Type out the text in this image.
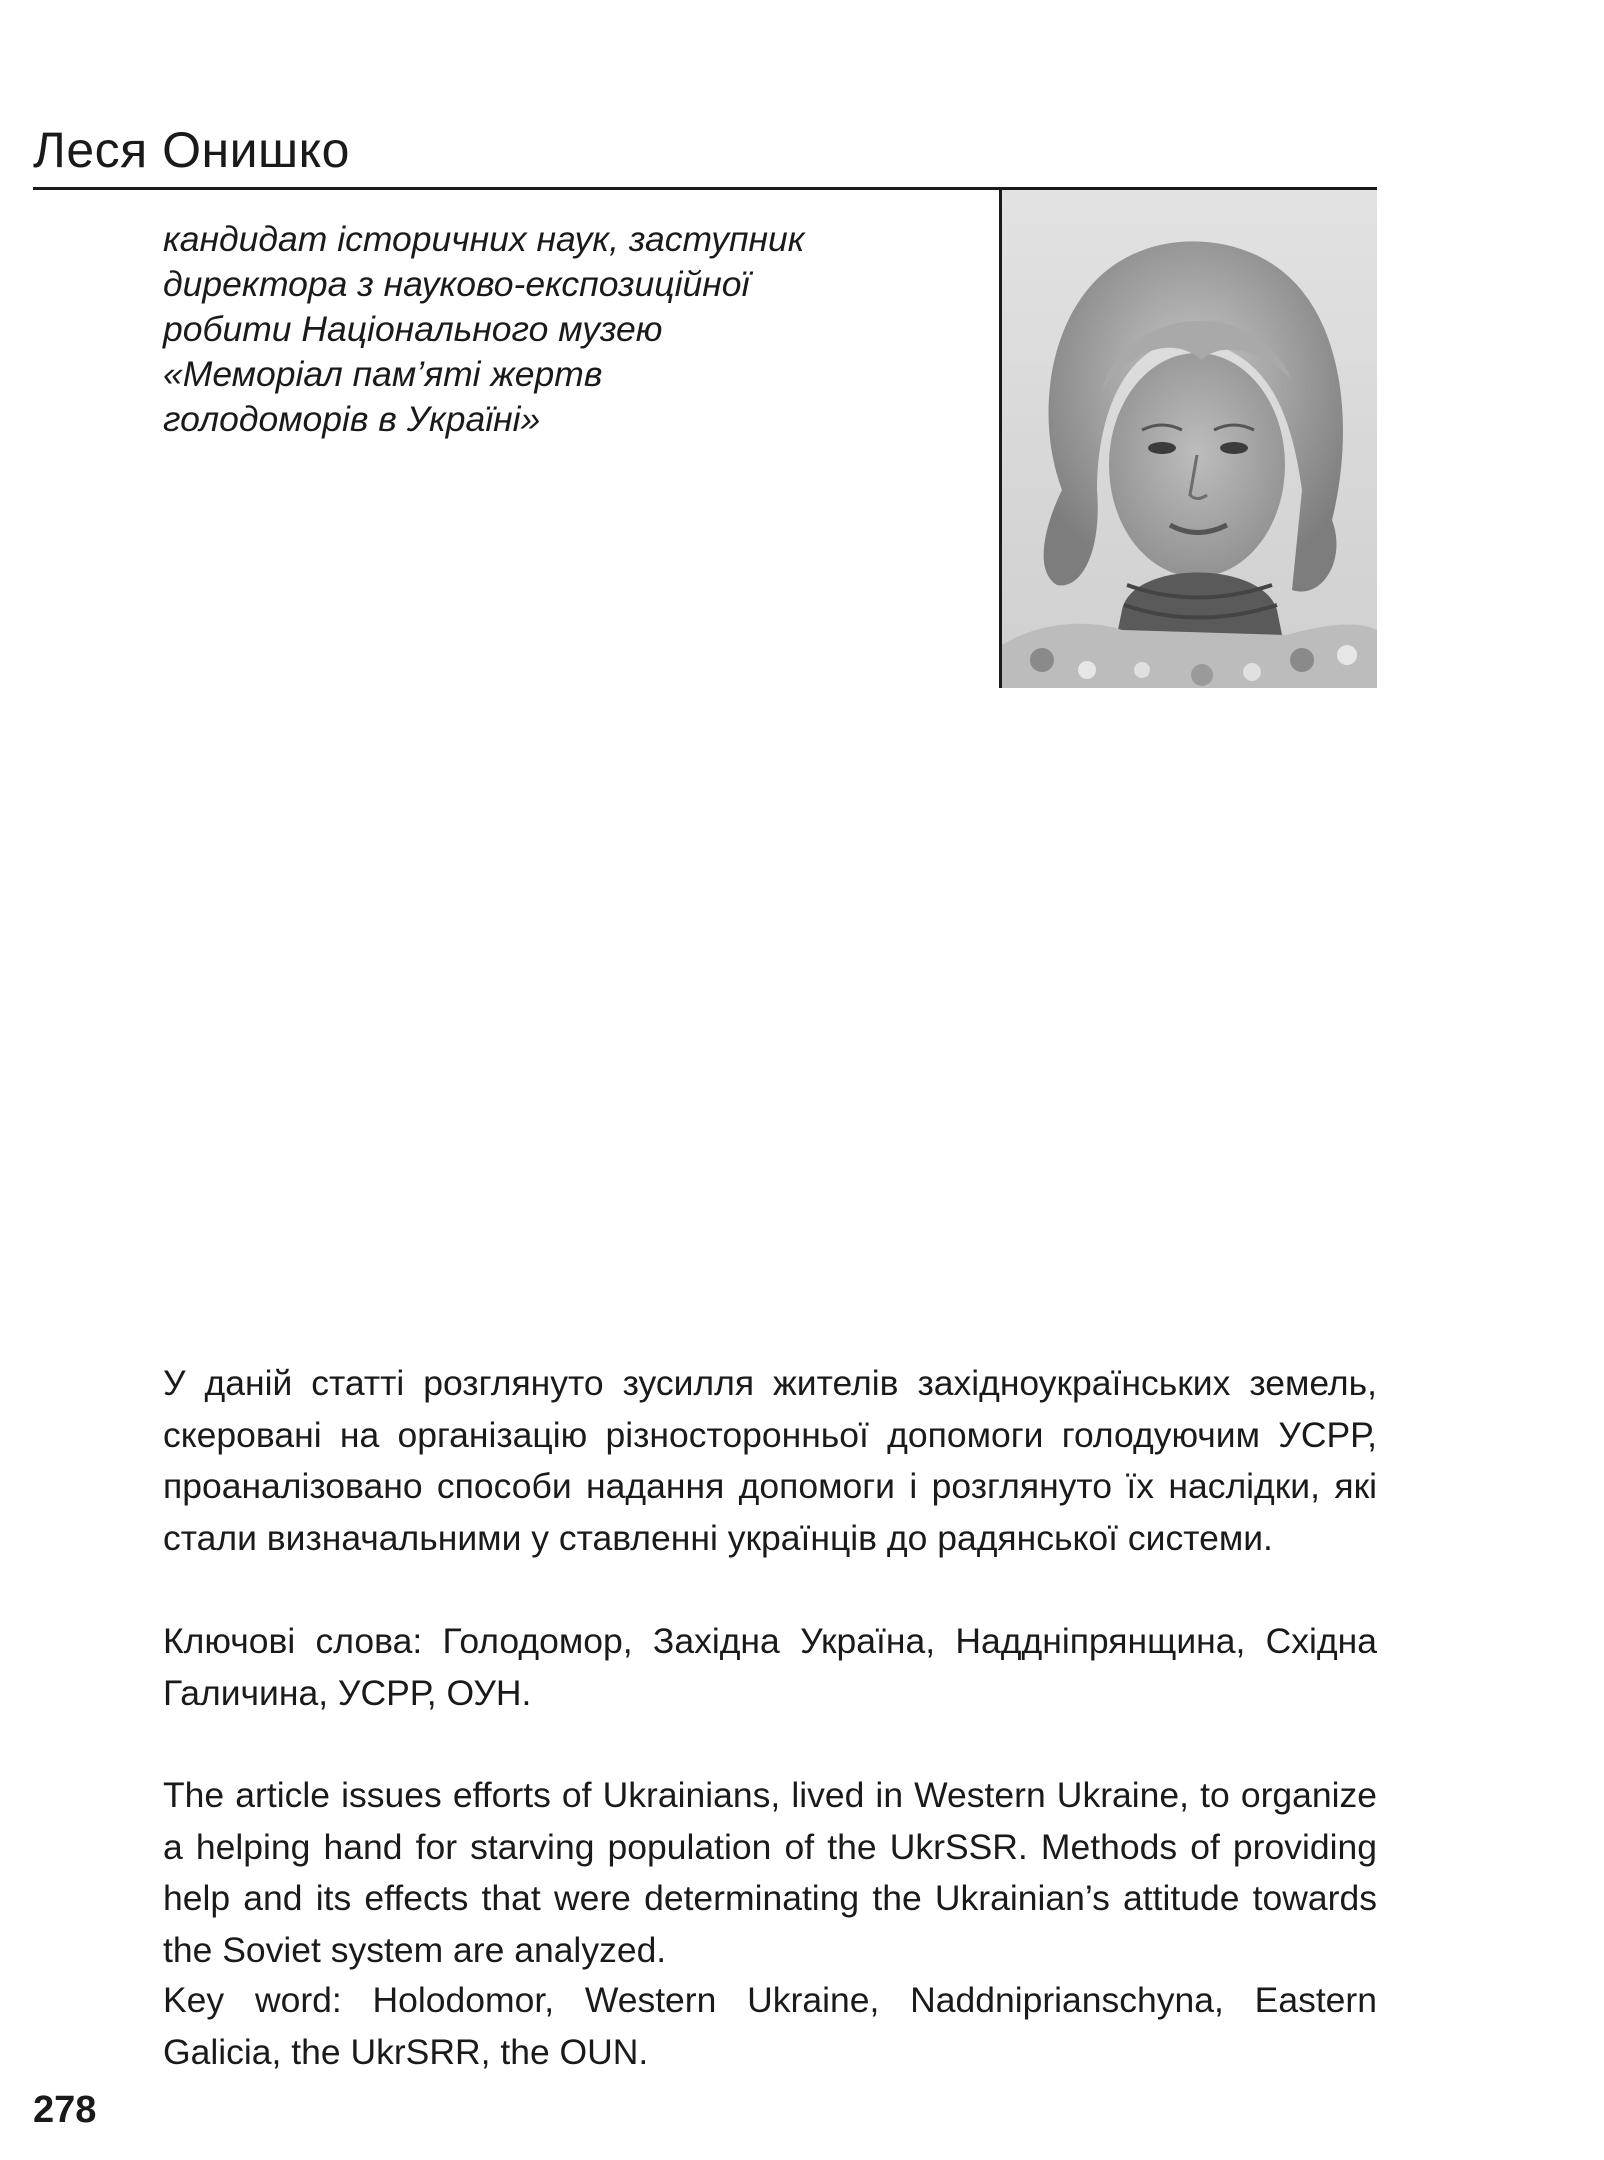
Леся Онишко

кандидат історичних наук, заступник
директора з науково-експозиційної
робити Національного музею
«Меморіал пам’яті жертв
голодоморів в Україні»

У даній статті розглянуто зусилля жителів західноукраїнських земель, скеровані на організацію різносторонньої допомоги голодуючим УСРР, проаналізовано способи надання допомоги і розглянуто їх наслідки, які стали визначальними у ставленні українців до радянської системи.

Ключові слова: Голодомор, Західна Україна, Наддніпрянщина, Східна Галичина, УСРР, ОУН.

The article issues efforts of Ukrainians, lived in Western Ukraine, to organize a helping hand for starving population of the UkrSSR. Methods of providing help and its effects that were determinating the Ukrainian’s attitude towards the Soviet system are analyzed.

Key word: Holodomor, Western Ukraine, Naddnipriansсhyna, Eastern Galicia, the UkrSRR, the OUN.

278
